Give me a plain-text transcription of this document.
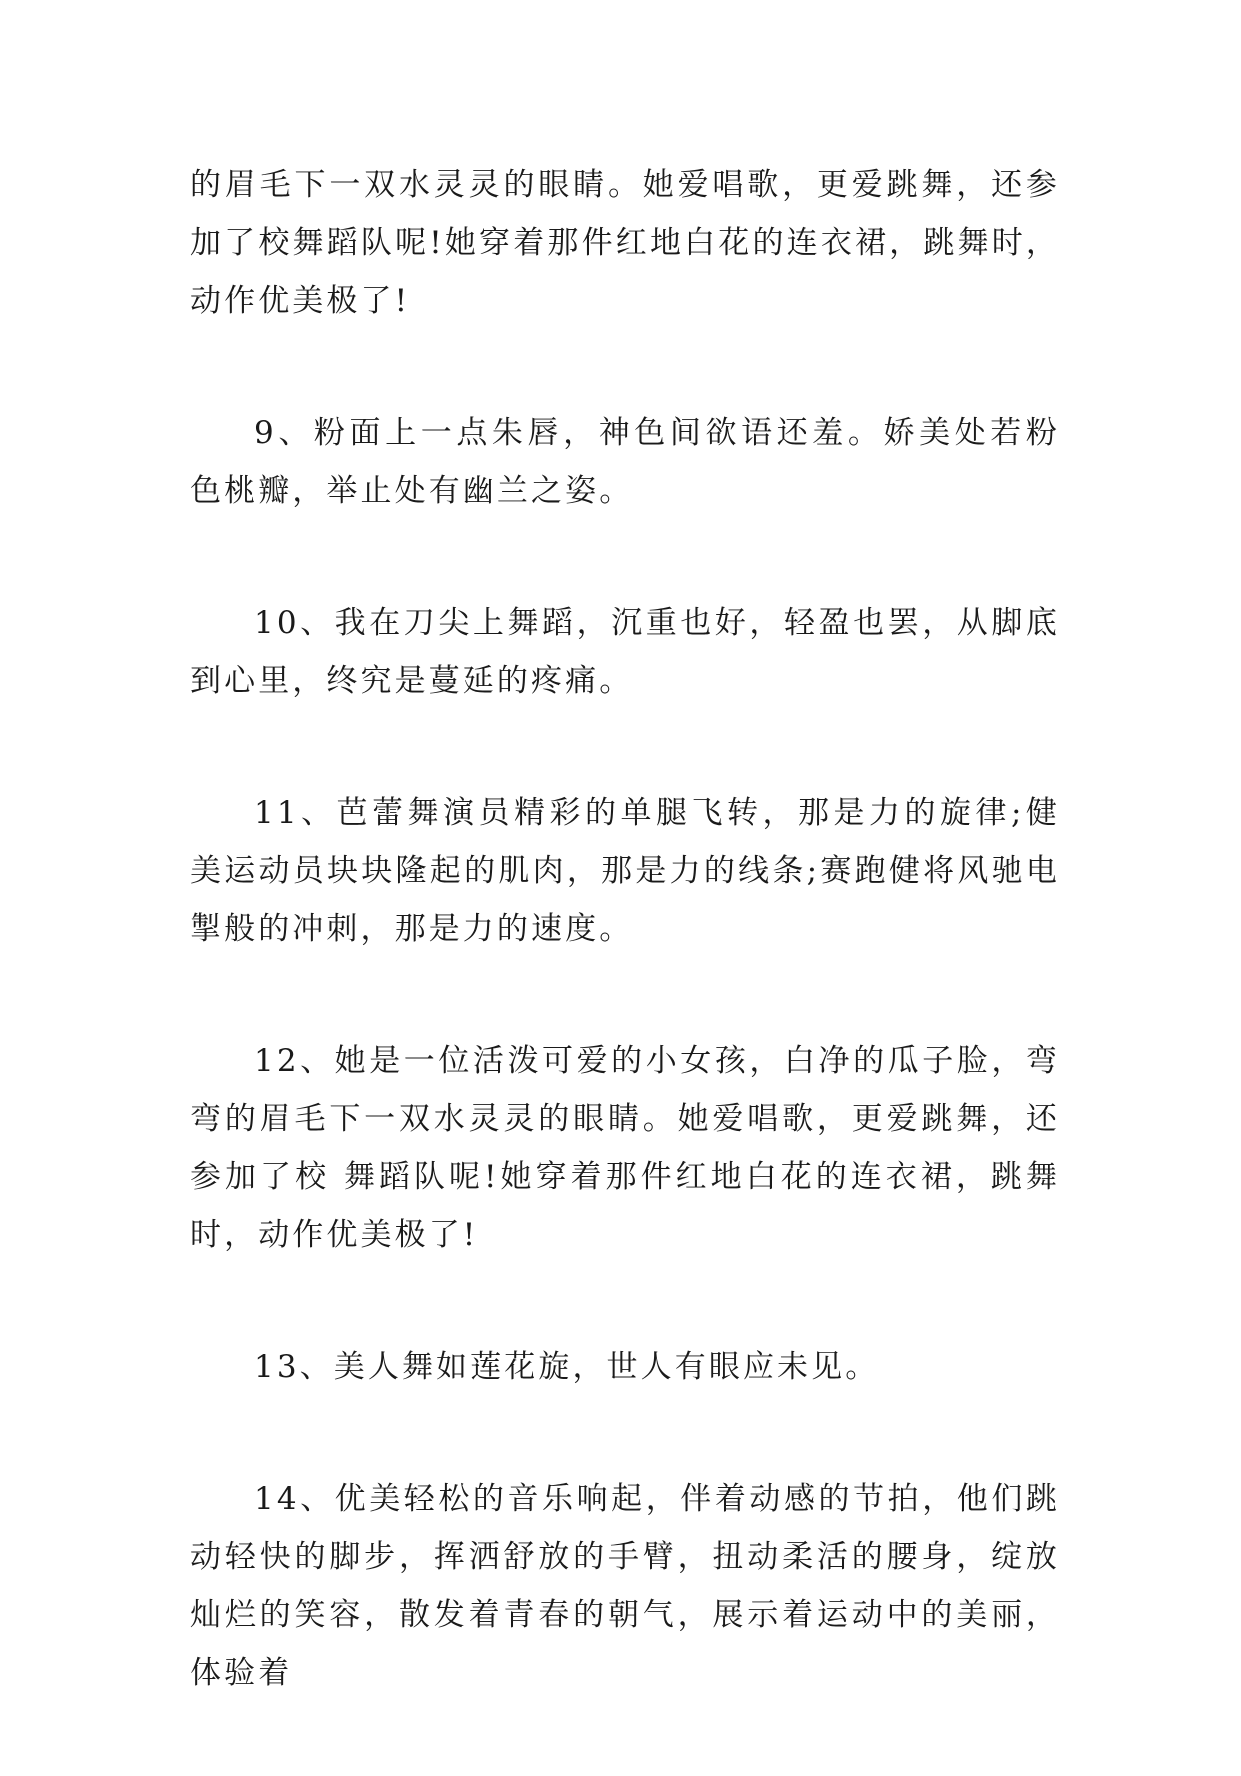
的眉毛下一双水灵灵的眼睛。她爱唱歌，更爱跳舞，还参加了校舞蹈队呢!她穿着那件红地白花的连衣裙，跳舞时，动作优美极了!

9、粉面上一点朱唇，神色间欲语还羞。娇美处若粉色桃瓣，举止处有幽兰之姿。

10、我在刀尖上舞蹈，沉重也好，轻盈也罢，从脚底到心里，终究是蔓延的疼痛。

11、芭蕾舞演员精彩的单腿飞转，那是力的旋律;健美运动员块块隆起的肌肉，那是力的线条;赛跑健将风驰电掣般的冲刺，那是力的速度。

12、她是一位活泼可爱的小女孩，白净的瓜子脸，弯弯的眉毛下一双水灵灵的眼睛。她爱唱歌，更爱跳舞，还参加了校 舞蹈队呢!她穿着那件红地白花的连衣裙，跳舞时，动作优美极了!

13、美人舞如莲花旋，世人有眼应未见。

14、优美轻松的音乐响起，伴着动感的节拍，他们跳动轻快的脚步，挥洒舒放的手臂，扭动柔活的腰身，绽放灿烂的笑容，散发着青春的朝气，展示着运动中的美丽，体验着
